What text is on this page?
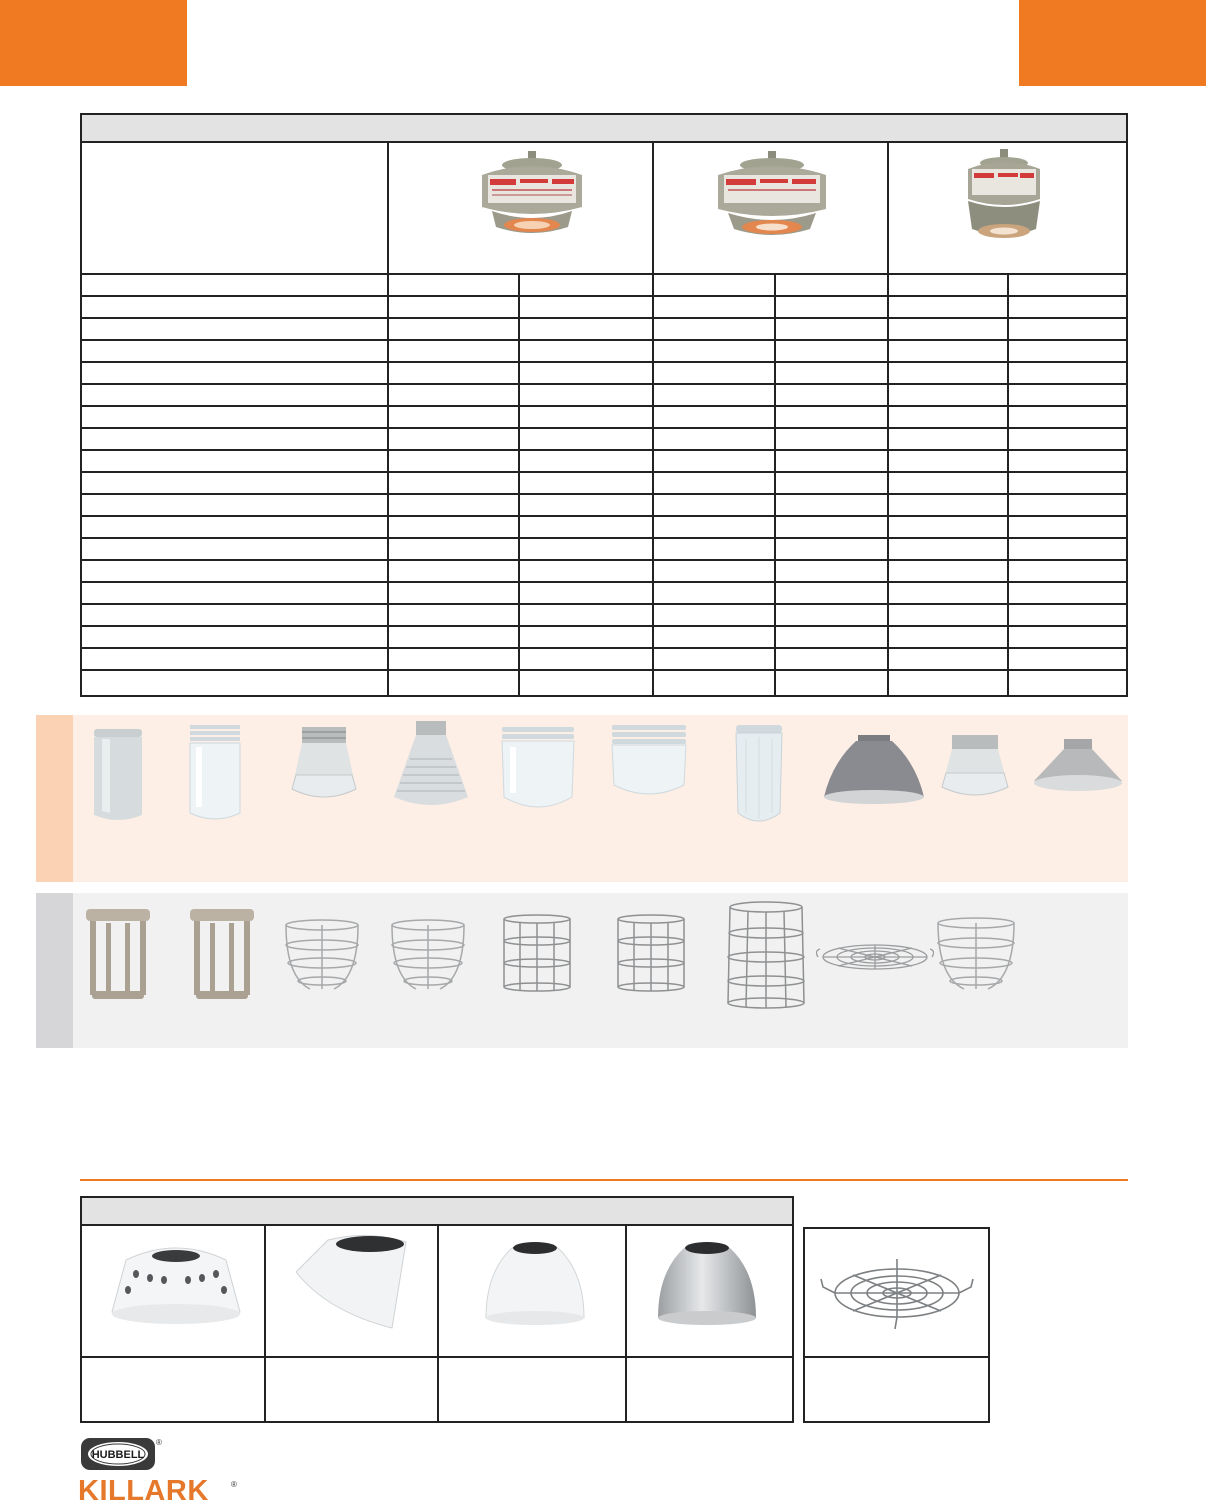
HUBBELL
®
KILLARK	®
